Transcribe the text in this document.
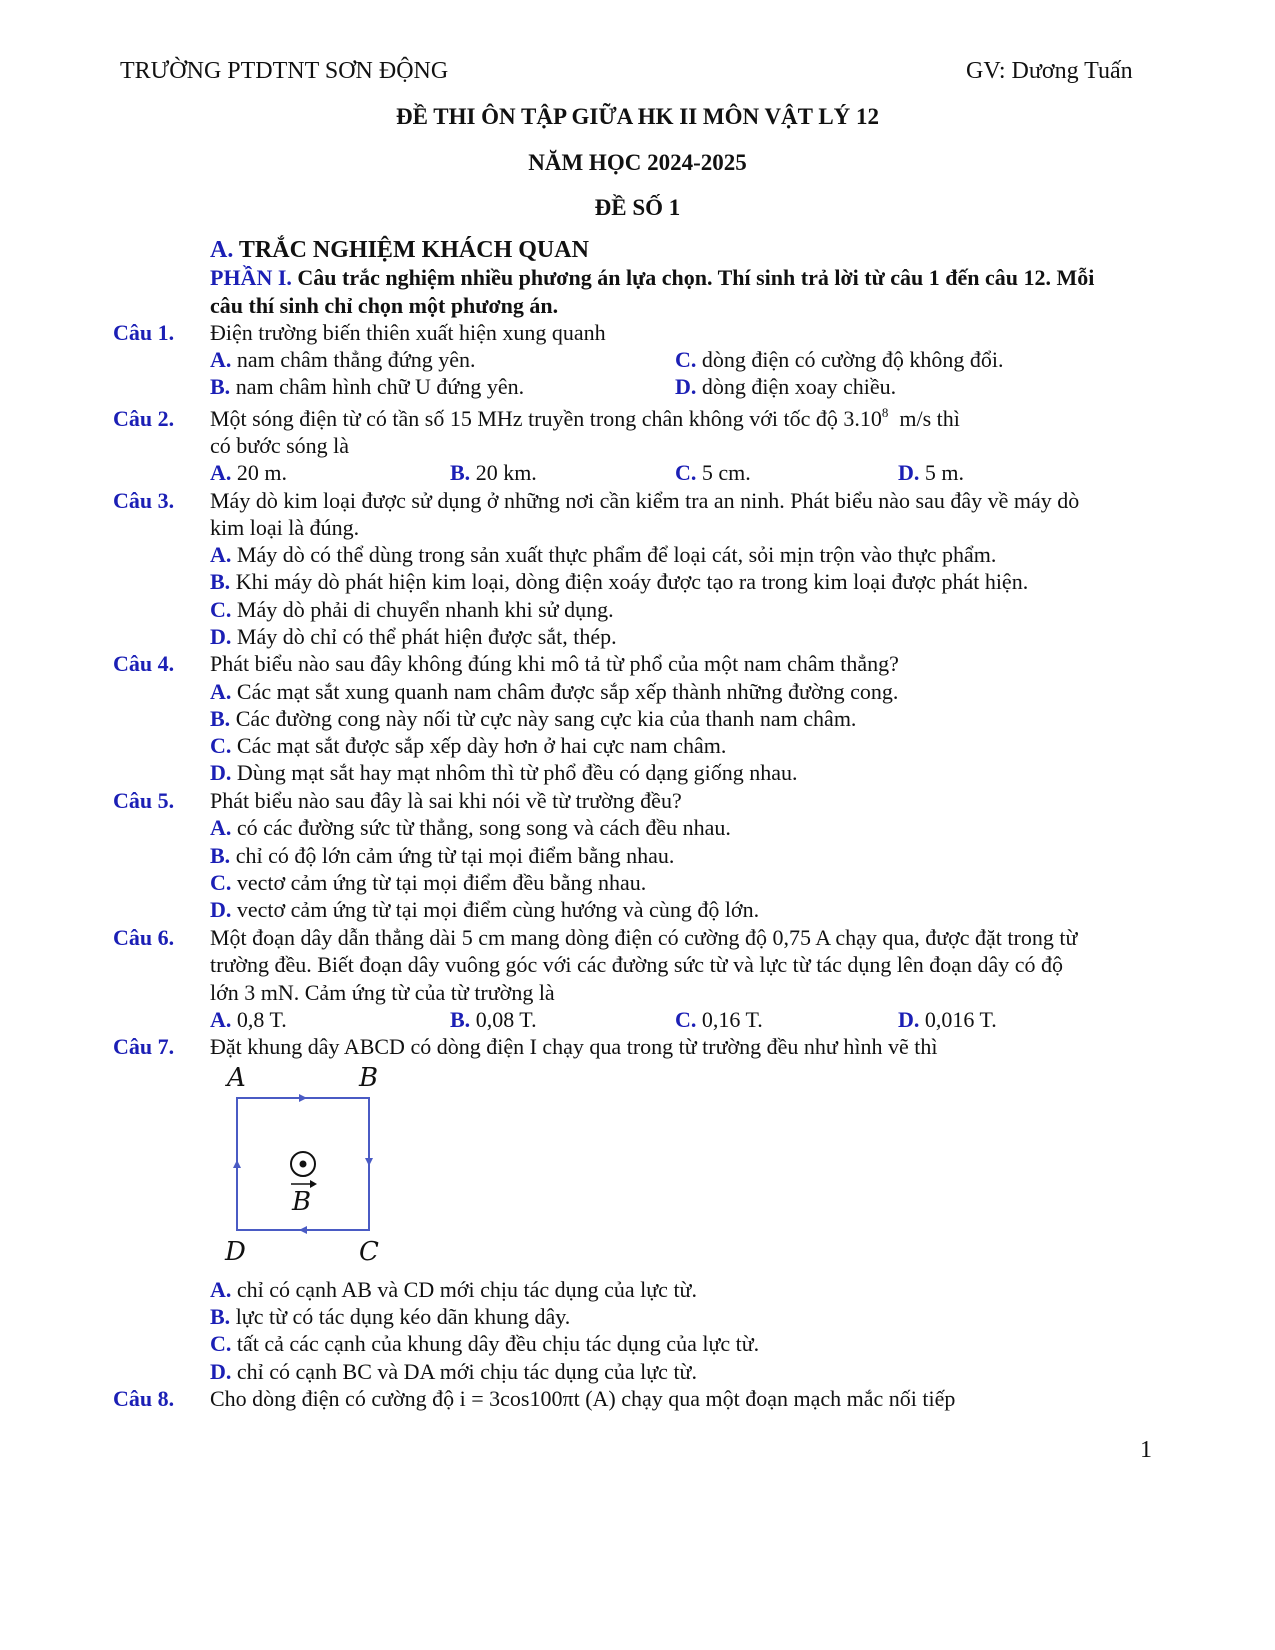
TRƯỜNG PTDTNT SƠN ĐỘNG	GV: Dương Tuấn
ĐỀ THI ÔN TẬP GIỮA HK II MÔN VẬT LÝ 12
NĂM HỌC 2024-2025
ĐỀ SỐ 1
A. TRẮC NGHIỆM KHÁCH QUAN
PHẦN I. Câu trắc nghiệm nhiều phương án lựa chọn. Thí sinh trả lời từ câu 1 đến câu 12. Mỗi
câu thí sinh chỉ chọn một phương án.
Câu 1. Điện trường biến thiên xuất hiện xung quanh
A. nam châm thẳng đứng yên.	C. dòng điện có cường độ không đổi.
B. nam châm hình chữ U đứng yên.	D. dòng điện xoay chiều.
Câu 2. Một sóng điện từ có tần số 15 MHz truyền trong chân không với tốc độ 3.10$^8$ m/s thì
có bước sóng là
A. 20 m.	B. 20 km.	C. 5 cm.	D. 5 m.
Câu 3. Máy dò kim loại được sử dụng ở những nơi cần kiểm tra an ninh. Phát biểu nào sau đây về máy dò
kim loại là đúng.
A. Máy dò có thể dùng trong sản xuất thực phẩm để loại cát, sỏi mịn trộn vào thực phẩm.
B. Khi máy dò phát hiện kim loại, dòng điện xoáy được tạo ra trong kim loại được phát hiện.
C. Máy dò phải di chuyển nhanh khi sử dụng.
D. Máy dò chỉ có thể phát hiện được sắt, thép.
Câu 4. Phát biểu nào sau đây không đúng khi mô tả từ phổ của một nam châm thẳng?
A. Các mạt sắt xung quanh nam châm được sắp xếp thành những đường cong.
B. Các đường cong này nối từ cực này sang cực kia của thanh nam châm.
C. Các mạt sắt được sắp xếp dày hơn ở hai cực nam châm.
D. Dùng mạt sắt hay mạt nhôm thì từ phổ đều có dạng giống nhau.
Câu 5. Phát biểu nào sau đây là sai khi nói về từ trường đều?
A. có các đường sức từ thẳng, song song và cách đều nhau.
B. chỉ có độ lớn cảm ứng từ tại mọi điểm bằng nhau.
C. vectơ cảm ứng từ tại mọi điểm đều bằng nhau.
D. vectơ cảm ứng từ tại mọi điểm cùng hướng và cùng độ lớn.
Câu 6. Một đoạn dây dẫn thẳng dài 5 cm mang dòng điện có cường độ 0,75 A chạy qua, được đặt trong từ
trường đều. Biết đoạn dây vuông góc với các đường sức từ và lực từ tác dụng lên đoạn dây có độ
lớn 3 mN. Cảm ứng từ của từ trường là
A. 0,8 T.	B. 0,08 T.	C. 0,16 T.	D. 0,016 T.
Câu 7. Đặt khung dây ABCD có dòng điện I chạy qua trong từ trường đều như hình vẽ thì
A	B
D	C
B
A. chỉ có cạnh AB và CD mới chịu tác dụng của lực từ.
B. lực từ có tác dụng kéo dãn khung dây.
C. tất cả các cạnh của khung dây đều chịu tác dụng của lực từ.
D. chỉ có cạnh BC và DA mới chịu tác dụng của lực từ.
Câu 8. Cho dòng điện có cường độ i = 3cos100πt (A) chạy qua một đoạn mạch mắc nối tiếp
1
